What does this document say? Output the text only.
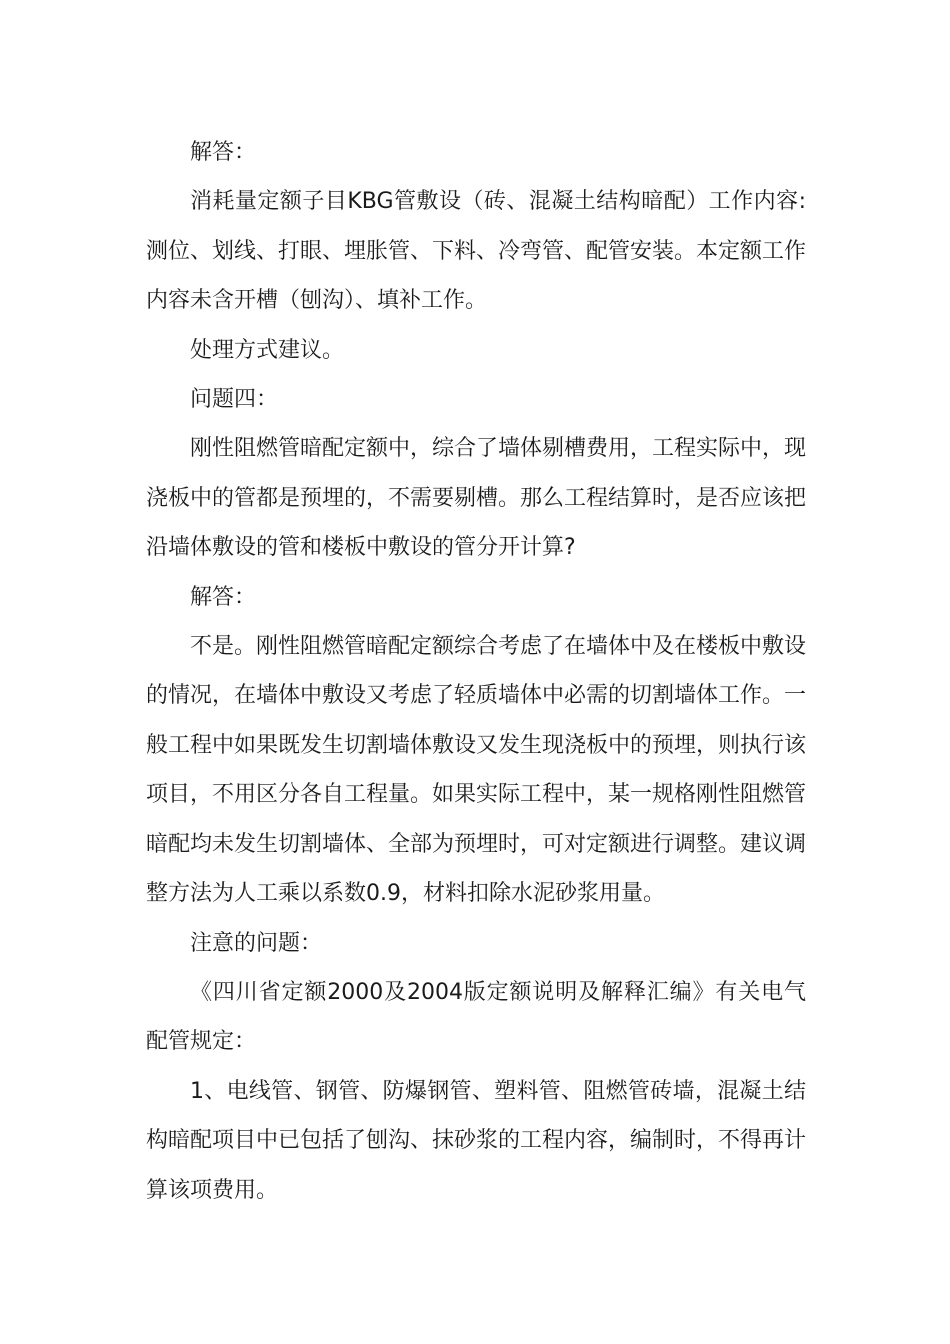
解答：

消耗量定额子目KBG管敷设（砖、混凝土结构暗配）工作内容:测位、划线、打眼、埋胀管、下料、冷弯管、配管安装。本定额工作内容未含开槽（刨沟）、填补工作。

处理方式建议。

问题四：

刚性阻燃管暗配定额中，综合了墙体剔槽费用，工程实际中，现浇板中的管都是预埋的，不需要剔槽。那么工程结算时，是否应该把沿墙体敷设的管和楼板中敷设的管分开计算?

解答：

不是。刚性阻燃管暗配定额综合考虑了在墙体中及在楼板中敷设的情况，在墙体中敷设又考虑了轻质墙体中必需的切割墙体工作。一般工程中如果既发生切割墙体敷设又发生现浇板中的预埋，则执行该项目，不用区分各自工程量。如果实际工程中，某一规格刚性阻燃管暗配均未发生切割墙体、全部为预埋时，可对定额进行调整。建议调整方法为人工乘以系数0.9，材料扣除水泥砂浆用量。

注意的问题：

《四川省定额2000及2004版定额说明及解释汇编》有关电气配管规定：

1、电线管、钢管、防爆钢管、塑料管、阻燃管砖墙，混凝土结构暗配项目中已包括了刨沟、抹砂浆的工程内容，编制时，不得再计算该项费用。
